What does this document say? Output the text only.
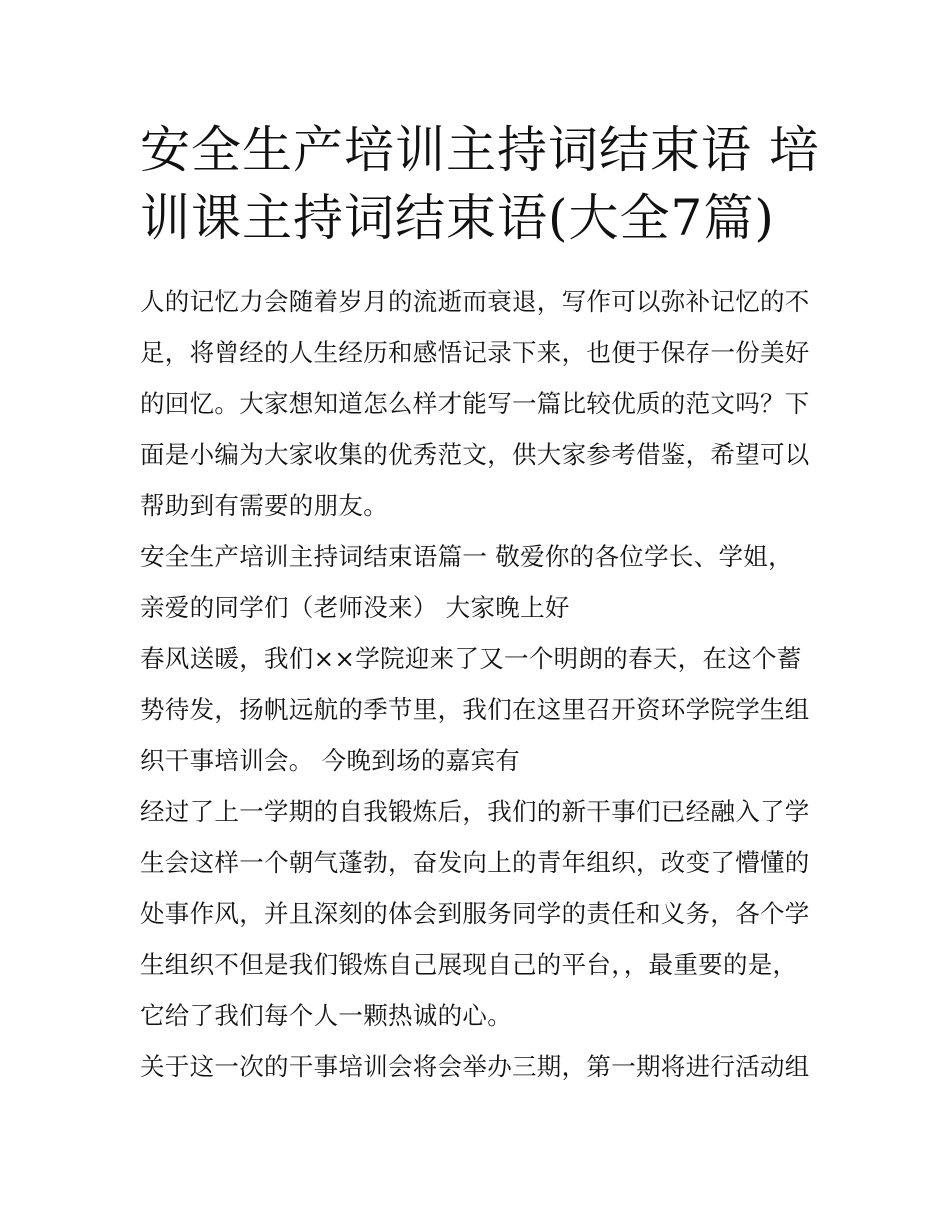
安全生产培训主持词结束语 培训课主持词结束语(大全7篇)

人的记忆力会随着岁月的流逝而衰退，写作可以弥补记忆的不足，将曾经的人生经历和感悟记录下来，也便于保存一份美好的回忆。大家想知道怎么样才能写一篇比较优质的范文吗？下面是小编为大家收集的优秀范文，供大家参考借鉴，希望可以帮助到有需要的朋友。

安全生产培训主持词结束语篇一 敬爱你的各位学长、学姐，

亲爱的同学们（老师没来） 大家晚上好

春风送暖，我们××学院迎来了又一个明朗的春天，在这个蓄势待发，扬帆远航的季节里，我们在这里召开资环学院学生组织干事培训会。 今晚到场的嘉宾有

经过了上一学期的自我锻炼后，我们的新干事们已经融入了学生会这样一个朝气蓬勃，奋发向上的青年组织，改变了懵懂的处事作风，并且深刻的体会到服务同学的责任和义务，各个学生组织不但是我们锻炼自己展现自己的平台，，最重要的是，它给了我们每个人一颗热诚的心。

关于这一次的干事培训会将会举办三期，第一期将进行活动组
